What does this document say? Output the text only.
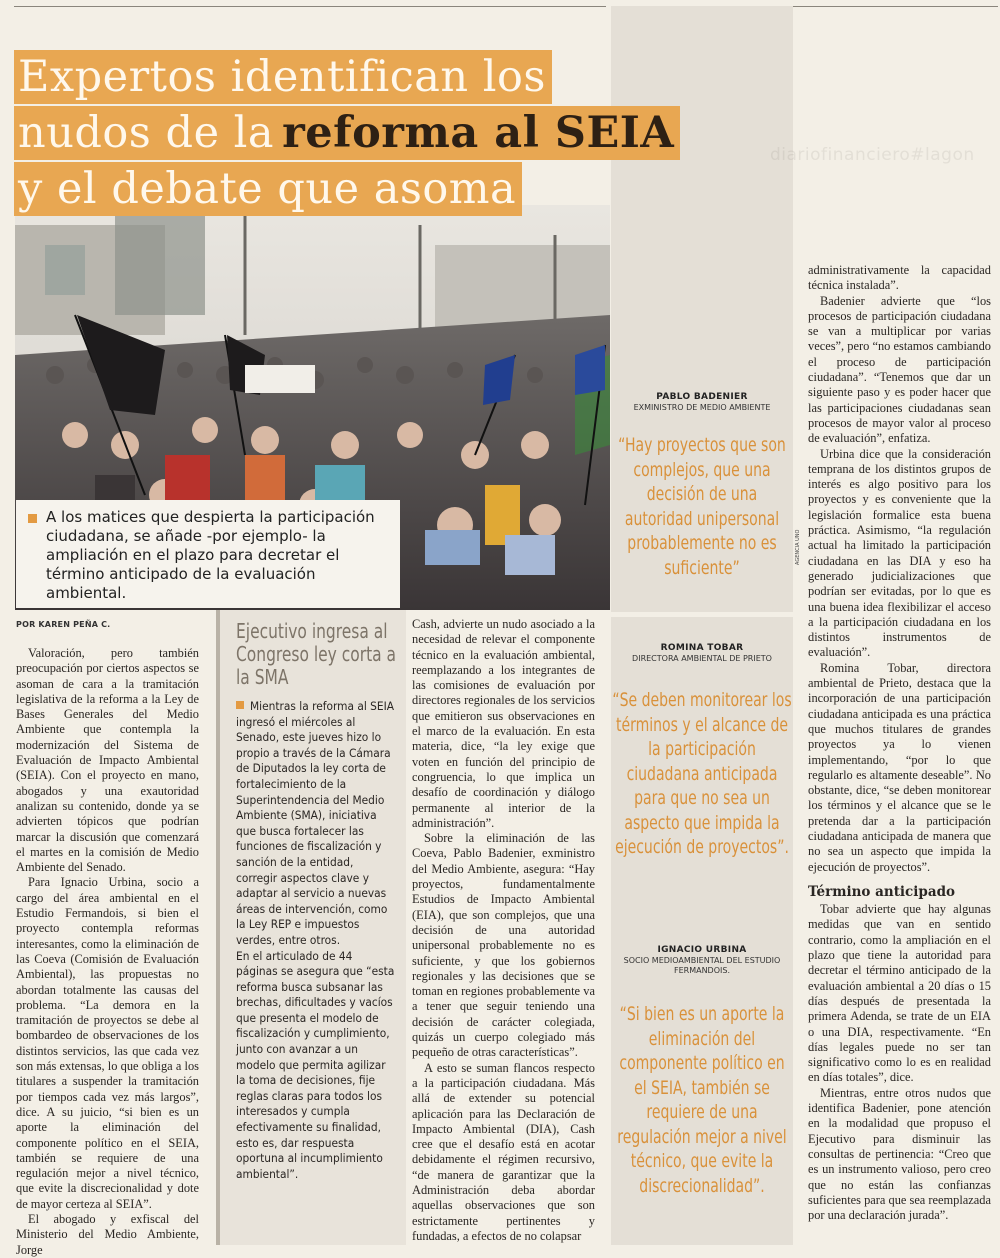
Expertos identifican los
nudos de la reforma al SEIA
y el debate que asoma
diariofinanciero#lagon

A los matices que despierta la participación ciudadana, se añade -por ejemplo- la ampliación en el plazo para decretar el término anticipado de la evaluación ambiental.

AGENCIA UNO
PABLO BADENIER
EXMINISTRO DE MEDIO AMBIENTE
“Hay proyectos que son complejos, que una decisión de una autoridad unipersonal probablemente no es suficiente”
ROMINA TOBAR
DIRECTORA AMBIENTAL DE PRIETO
“Se deben monitorear los términos y el alcance de la participación ciudadana anticipada para que no sea un aspecto que impida la ejecución de proyectos”.
IGNACIO URBINA
SOCIO MEDIOAMBIENTAL DEL ESTUDIO FERMANDOIS.
“Si bien es un aporte la eliminación del componente político en el SEIA, también se requiere de una regulación mejor a nivel técnico, que evite la discrecionalidad”.
POR KAREN PEÑA C.

Valoración, pero también preocupación por ciertos aspectos se asoman de cara a la tramitación legislativa de la reforma a la Ley de Bases Generales del Medio Ambiente que contempla la modernización del Sistema de Evaluación de Impacto Ambiental (SEIA). Con el proyecto en mano, abogados y una exautoridad analizan su contenido, donde ya se advierten tópicos que podrían marcar la discusión que comenzará el martes en la comisión de Medio Ambiente del Senado.

Para Ignacio Urbina, socio a cargo del área ambiental en el Estudio Fermandois, si bien el proyecto contempla reformas interesantes, como la eliminación de las Coeva (Comisión de Evaluación Ambiental), las propuestas no abordan totalmente las causas del problema. “La demora en la tramitación de proyectos se debe al bombardeo de observaciones de los distintos servicios, las que cada vez son más extensas, lo que obliga a los titulares a suspender la tramitación por tiempos cada vez más largos”, dice. A su juicio, “si bien es un aporte la eliminación del componente político en el SEIA, también se requiere de una regulación mejor a nivel técnico, que evite la discrecionalidad y dote de mayor certeza al SEIA”.

El abogado y exfiscal del Ministerio del Medio Ambiente, Jorge

Ejecutivo ingresa al Congreso ley corta a la SMA

Mientras la reforma al SEIA ingresó el miércoles al Senado, este jueves hizo lo propio a través de la Cámara de Diputados la ley corta de fortalecimiento de la Superintendencia del Medio Ambiente (SMA), iniciativa que busca fortalecer las funciones de fiscalización y sanción de la entidad, corregir aspectos clave y adaptar al servicio a nuevas áreas de intervención, como la Ley REP e impuestos verdes, entre otros.

En el articulado de 44 páginas se asegura que “esta reforma busca subsanar las brechas, dificultades y vacíos que presenta el modelo de fiscalización y cumplimiento, junto con avanzar a un modelo que permita agilizar la toma de decisiones, fije reglas claras para todos los interesados y cumpla efectivamente su finalidad, esto es, dar respuesta oportuna al incumplimiento ambiental”.

Cash, advierte un nudo asociado a la necesidad de relevar el componente técnico en la evaluación ambiental, reemplazando a los integrantes de las comisiones de evaluación por directores regionales de los servicios que emitieron sus observaciones en el marco de la evaluación. En esta materia, dice, “la ley exige que voten en función del principio de congruencia, lo que implica un desafío de coordinación y diálogo permanente al interior de la administración”.

Sobre la eliminación de las Coeva, Pablo Badenier, exministro del Medio Ambiente, asegura: “Hay proyectos, fundamentalmente Estudios de Impacto Ambiental (EIA), que son complejos, que una decisión de una autoridad unipersonal probablemente no es suficiente, y que los gobiernos regionales y las decisiones que se toman en regiones probablemente va a tener que seguir teniendo una decisión de carácter colegiada, quizás un cuerpo colegiado más pequeño de otras características”.

A esto se suman flancos respecto a la participación ciudadana. Más allá de extender su potencial aplicación para las Declaración de Impacto Ambiental (DIA), Cash cree que el desafío está en acotar debidamente el régimen recursivo, “de manera de garantizar que la Administración deba abordar aquellas observaciones que son estrictamente pertinentes y fundadas, a efectos de no colapsar

administrativamente la capacidad técnica instalada”.

Badenier advierte que “los procesos de participación ciudadana se van a multiplicar por varias veces”, pero “no estamos cambiando el proceso de participación ciudadana”. “Tenemos que dar un siguiente paso y es poder hacer que las participaciones ciudadanas sean procesos de mayor valor al proceso de evaluación”, enfatiza.

Urbina dice que la consideración temprana de los distintos grupos de interés es algo positivo para los proyectos y es conveniente que la legislación formalice esta buena práctica. Asimismo, “la regulación actual ha limitado la participación ciudadana en las DIA y eso ha generado judicializaciones que podrían ser evitadas, por lo que es una buena idea flexibilizar el acceso a la participación ciudadana en los distintos instrumentos de evaluación”.

Romina Tobar, directora ambiental de Prieto, destaca que la incorporación de una participación ciudadana anticipada es una práctica que muchos titulares de grandes proyectos ya lo vienen implementando, “por lo que regularlo es altamente deseable”. No obstante, dice, “se deben monitorear los términos y el alcance que se le pretenda dar a la participación ciudadana anticipada de manera que no sea un aspecto que impida la ejecución de proyectos”.

Término anticipado

Tobar advierte que hay algunas medidas que van en sentido contrario, como la ampliación en el plazo que tiene la autoridad para decretar el término anticipado de la evaluación ambiental a 20 días o 15 días después de presentada la primera Adenda, se trate de un EIA o una DIA, respectivamente. “En días legales puede no ser tan significativo como lo es en realidad en días totales”, dice.

Mientras, entre otros nudos que identifica Badenier, pone atención en la modalidad que propuso el Ejecutivo para disminuir las consultas de pertinencia: “Creo que es un instrumento valioso, pero creo que no están las confianzas suficientes para que sea reemplazada por una declaración jurada”.
